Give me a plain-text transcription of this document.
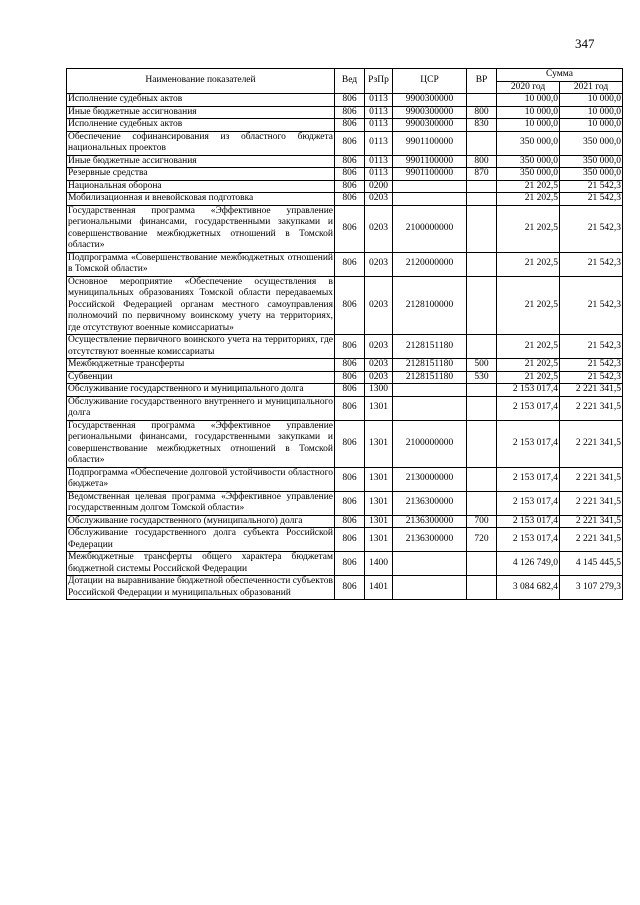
347
Наименование показателей	Вед	РзПр	ЦСР	ВР	Сумма	
					2020 год	2021 год
Исполнение судебных актов	806	0113	9900300000		10 000,0	10 000,0
Иные бюджетные ассигнования	806	0113	9900300000	800	10 000,0	10 000,0
Исполнение судебных актов	806	0113	9900300000	830	10 000,0	10 000,0
Обеспечение софинансирования из областного бюджета национальных проектов	806	0113	9901100000		350 000,0	350 000,0
Иные бюджетные ассигнования	806	0113	9901100000	800	350 000,0	350 000,0
Резервные средства	806	0113	9901100000	870	350 000,0	350 000,0
Национальная оборона	806	0200			21 202,5	21 542,3
Мобилизационная и вневойсковая подготовка	806	0203			21 202,5	21 542,3
Государственная программа «Эффективное управление региональными финансами, государственными закупками и совершенствование межбюджетных отношений в Томской области»	806	0203	2100000000		21 202,5	21 542,3
Подпрограмма «Совершенствование межбюджетных отношений в Томской области»	806	0203	2120000000		21 202,5	21 542,3
Основное мероприятие «Обеспечение осуществления в муниципальных образованиях Томской области передаваемых Российской Федерацией органам местного самоуправления полномочий по первичному воинскому учету на территориях, где отсутствуют военные комиссариаты»	806	0203	2128100000		21 202,5	21 542,3
Осуществление первичного воинского учета на территориях, где отсутствуют военные комиссариаты	806	0203	2128151180		21 202,5	21 542,3
Межбюджетные трансферты	806	0203	2128151180	500	21 202,5	21 542,3
Субвенции	806	0203	2128151180	530	21 202,5	21 542,3
Обслуживание государственного и муниципального долга	806	1300			2 153 017,4	2 221 341,5
Обслуживание государственного внутреннего и муниципального долга	806	1301			2 153 017,4	2 221 341,5
Государственная программа «Эффективное управление региональными финансами, государственными закупками и совершенствование межбюджетных отношений в Томской области»	806	1301	2100000000		2 153 017,4	2 221 341,5
Подпрограмма «Обеспечение долговой устойчивости областного бюджета»	806	1301	2130000000		2 153 017,4	2 221 341,5
Ведомственная целевая программа «Эффективное управление государственным долгом Томской области»	806	1301	2136300000		2 153 017,4	2 221 341,5
Обслуживание государственного (муниципального) долга	806	1301	2136300000	700	2 153 017,4	2 221 341,5
Обслуживание государственного долга субъекта Российской Федерации	806	1301	2136300000	720	2 153 017,4	2 221 341,5
Межбюджетные трансферты общего характера бюджетам бюджетной системы Российской Федерации	806	1400			4 126 749,0	4 145 445,5
Дотации на выравнивание бюджетной обеспеченности субъектов Российской Федерации и муниципальных образований	806	1401			3 084 682,4	3 107 279,3
